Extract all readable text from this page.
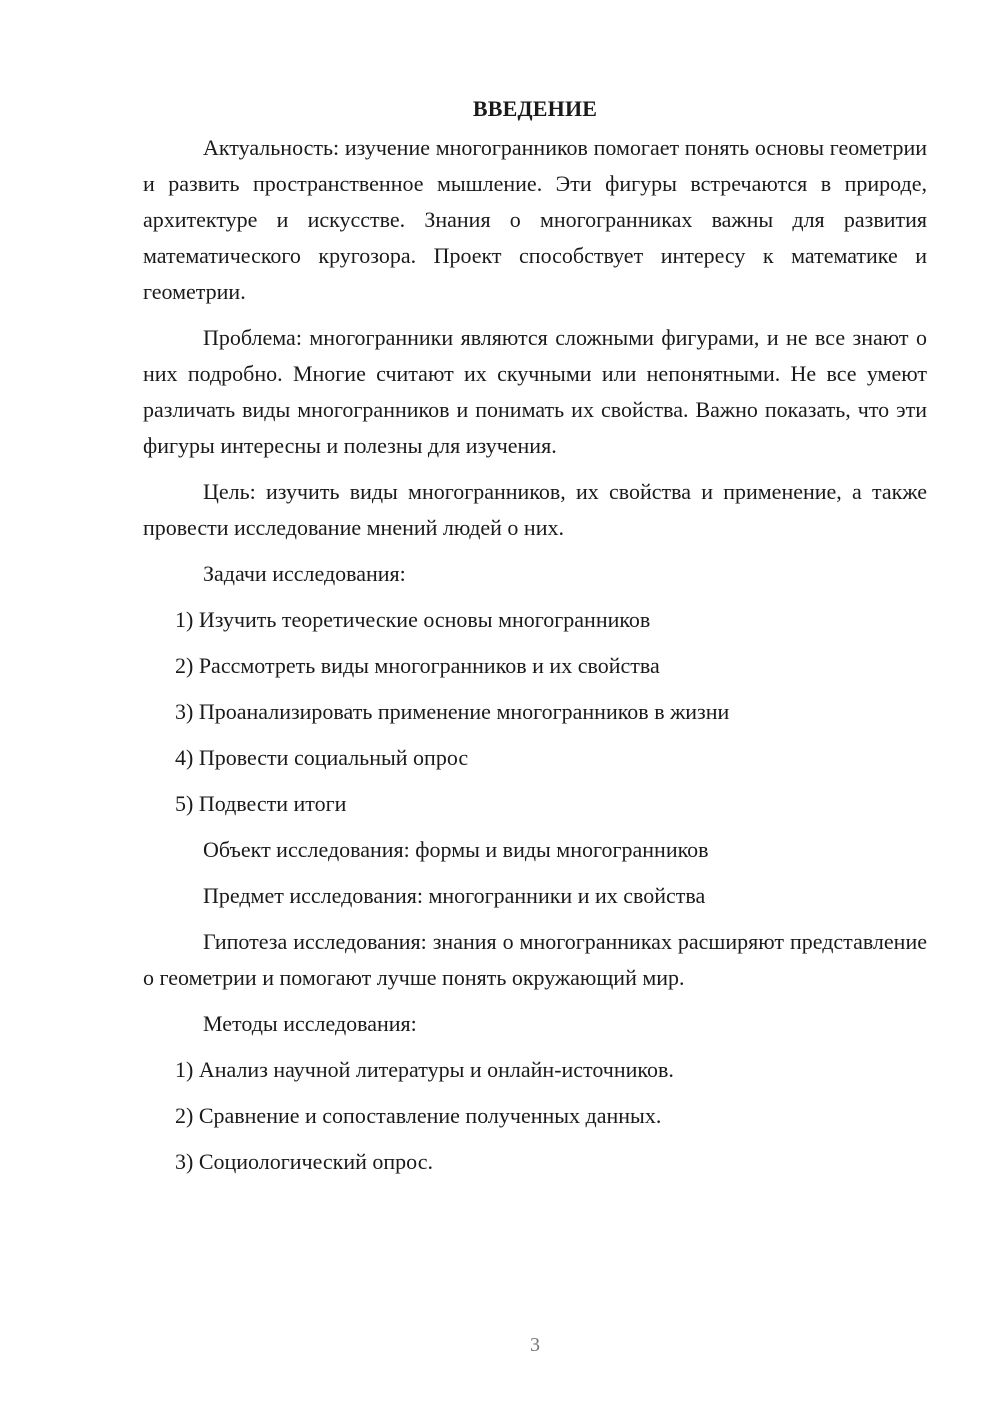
ВВЕДЕНИЕ

Актуальность: изучение многогранников помогает понять основы геометрии и развить пространственное мышление. Эти фигуры встречаются в природе, архитектуре и искусстве. Знания о многогранниках важны для развития математического кругозора. Проект способствует интересу к математике и геометрии.

Проблема: многогранники являются сложными фигурами, и не все знают о них подробно. Многие считают их скучными или непонятными. Не все умеют различать виды многогранников и понимать их свойства. Важно показать, что эти фигуры интересны и полезны для изучения.

Цель: изучить виды многогранников, их свойства и применение, а также провести исследование мнений людей о них.

Задачи исследования:
1) Изучить теоретические основы многогранников
2) Рассмотреть виды многогранников и их свойства
3) Проанализировать применение многогранников в жизни
4) Провести социальный опрос
5) Подвести итоги
Объект исследования: формы и виды многогранников
Предмет исследования: многогранники и их свойства

Гипотеза исследования: знания о многогранниках расширяют представление о геометрии и помогают лучше понять окружающий мир.

Методы исследования:
1) Анализ научной литературы и онлайн-источников.
2) Сравнение и сопоставление полученных данных.
3) Социологический опрос.
3
